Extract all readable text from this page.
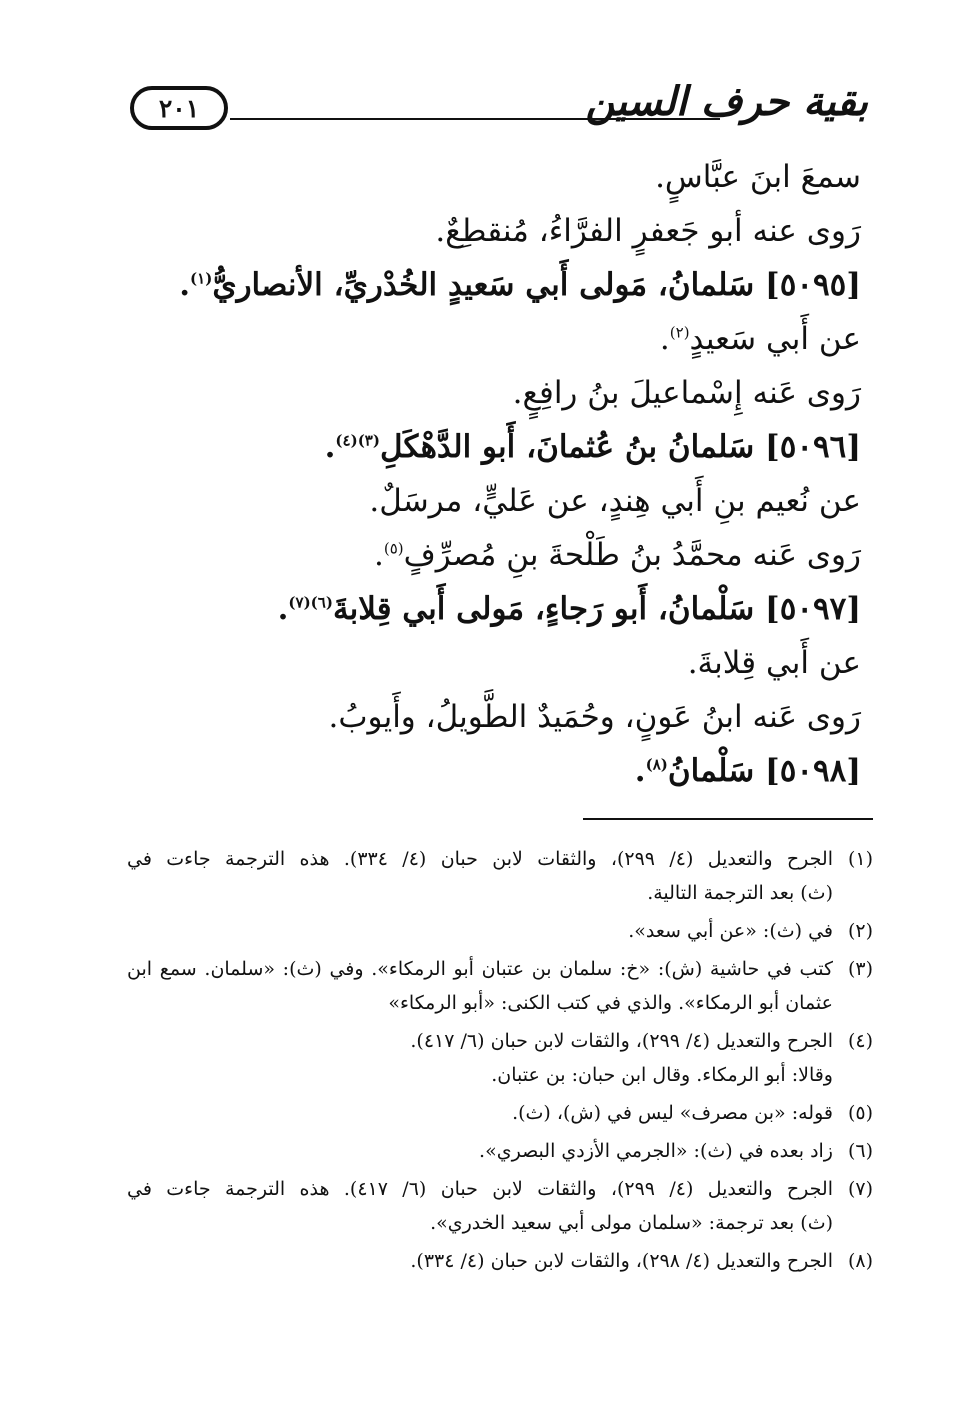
٢٠١	بقية حرف السين
سمعَ ابنَ عبَّاسٍ.
رَوى عنه أبو جَعفرٍ الفرَّاءُ، مُنقطِعٌ.
[٥٠٩٥] سَلمانُ، مَولى أَبي سَعيدٍ الخُدْريِّ، الأنصاريُّ$^{(١)}$.
عن أَبي سَعيدٍ$^{(٢)}$.
رَوى عَنه إِسْماعيلَ بنُ رافِعٍ.
[٥٠٩٦] سَلمانُ بنُ عُثمانَ، أَبو الدَّهْكَلِ$^{(٣)(٤)}$.
عن نُعيم بنِ أَبي هِندٍ، عن عَليٍّ، مرسَلٌ.
رَوى عَنه محمَّدُ بنُ طَلْحةَ بنِ مُصرِّفٍ$^{(٥)}$.
[٥٠٩٧] سَلْمانُ، أَبو رَجاءٍ، مَولى أَبي قِلابةَ$^{(٦)(٧)}$.
عن أَبي قِلابةَ.
رَوى عَنه ابنُ عَونٍ، وحُمَيدٌ الطَّويلُ، وأَيوبُ.
[٥٠٩٨] سَلْمانُ$^{(٨)}$.
(١)
الجرح والتعديل (٤/ ٢٩٩)، والثقات لابن حبان (٤/ ٣٣٤). هذه الترجمة جاءت في
(ث) بعد الترجمة التالية.
(٢)
في (ث): «عن أبي سعد».
(٣)
كتب في حاشية (ش): «خ: سلمان بن عتبان أبو الرمكاء». وفي (ث): «سلمان. سمع ابن
عثمان أبو الرمكاء». والذي في كتب الكنى: «أبو الرمكاء»
(٤)
الجرح والتعديل (٤/ ٢٩٩)، والثقات لابن حبان (٦/ ٤١٧).
وقالا: أبو الرمكاء. وقال ابن حبان: بن عتبان.
(٥)
قوله: «بن مصرف» ليس في (ش)، (ث).
(٦)
زاد بعده في (ث): «الجرمي الأزدي البصري».
(٧)
الجرح والتعديل (٤/ ٢٩٩)، والثقات لابن حبان (٦/ ٤١٧). هذه الترجمة جاءت في
(ث) بعد ترجمة: «سلمان مولى أبي سعيد الخدري».
(٨)
الجرح والتعديل (٤/ ٢٩٨)، والثقات لابن حبان (٤/ ٣٣٤).
